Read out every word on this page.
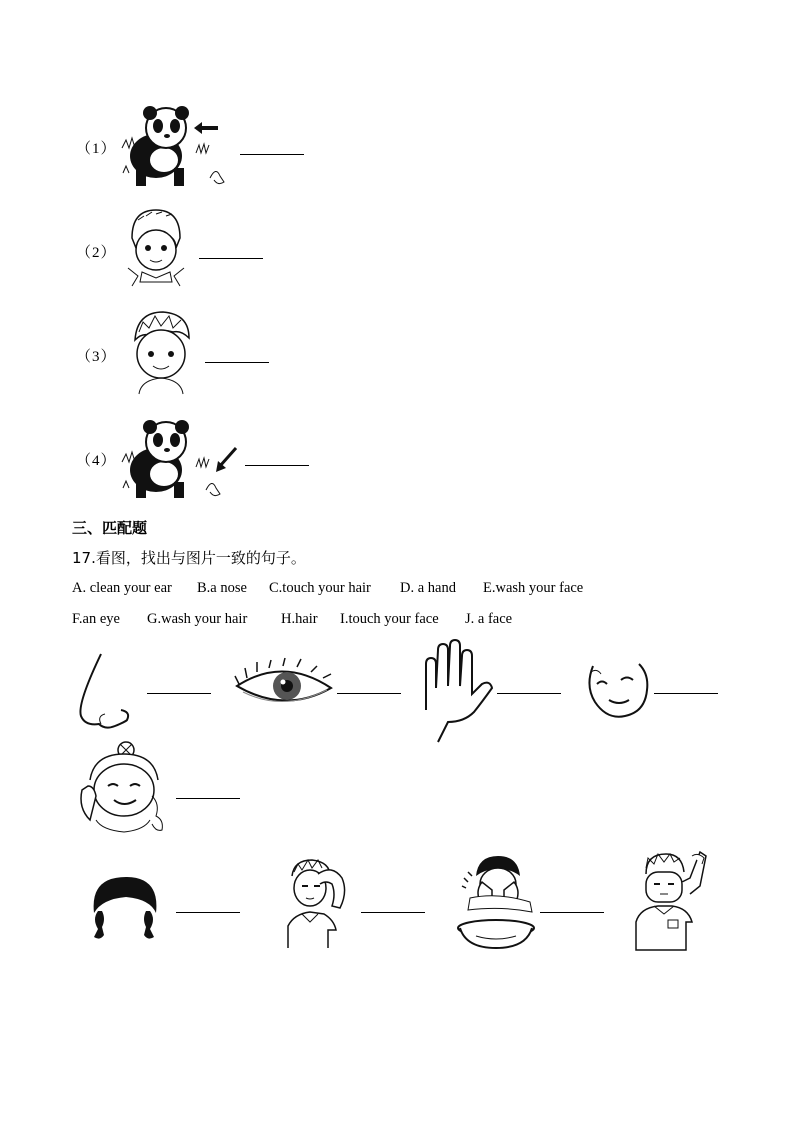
（1）
（2）
（3）
（4）
三、匹配题
17.看图，找出与图片一致的句子。
A. clean your ear B.a nose C.touch your hair D. a hand E.wash your face
F.an eye G.wash your hair H.hair I.touch your face J. a face
